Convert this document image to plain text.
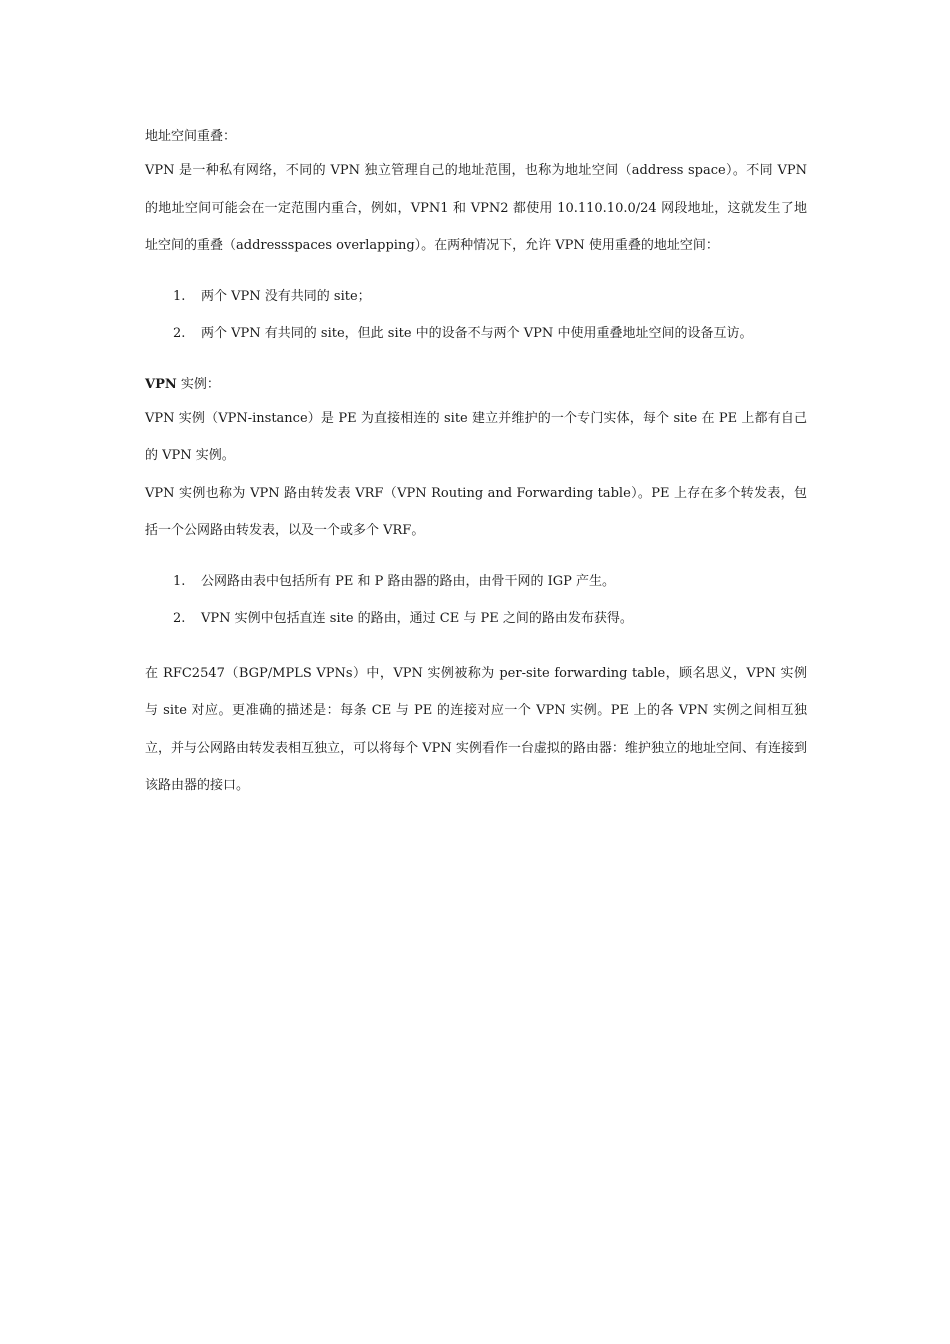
地址空间重叠：

VPN 是一种私有网络，不同的 VPN 独立管理自己的地址范围，也称为地址空间（address space）。不同 VPN 的地址空间可能会在一定范围内重合，例如，VPN1 和 VPN2 都使用 10.110.10.0/24 网段地址，这就发生了地址空间的重叠（addressspaces overlapping）。在两种情况下，允许 VPN 使用重叠的地址空间：

1. 两个 VPN 没有共同的 site；
2. 两个 VPN 有共同的 site，但此 site 中的设备不与两个 VPN 中使用重叠地址空间的设备互访。

VPN 实例：

VPN 实例（VPN-instance）是 PE 为直接相连的 site 建立并维护的一个专门实体，每个 site 在 PE 上都有自己的 VPN 实例。

VPN 实例也称为 VPN 路由转发表 VRF（VPN Routing and Forwarding table）。PE 上存在多个转发表，包括一个公网路由转发表，以及一个或多个 VRF。

1. 公网路由表中包括所有 PE 和 P 路由器的路由，由骨干网的 IGP 产生。
2. VPN 实例中包括直连 site 的路由，通过 CE 与 PE 之间的路由发布获得。

在 RFC2547（BGP/MPLS VPNs）中，VPN 实例被称为 per-site forwarding table，顾名思义，VPN 实例与 site 对应。更准确的描述是：每条 CE 与 PE 的连接对应一个 VPN 实例。PE 上的各 VPN 实例之间相互独立，并与公网路由转发表相互独立，可以将每个 VPN 实例看作一台虚拟的路由器：维护独立的地址空间、有连接到该路由器的接口。
